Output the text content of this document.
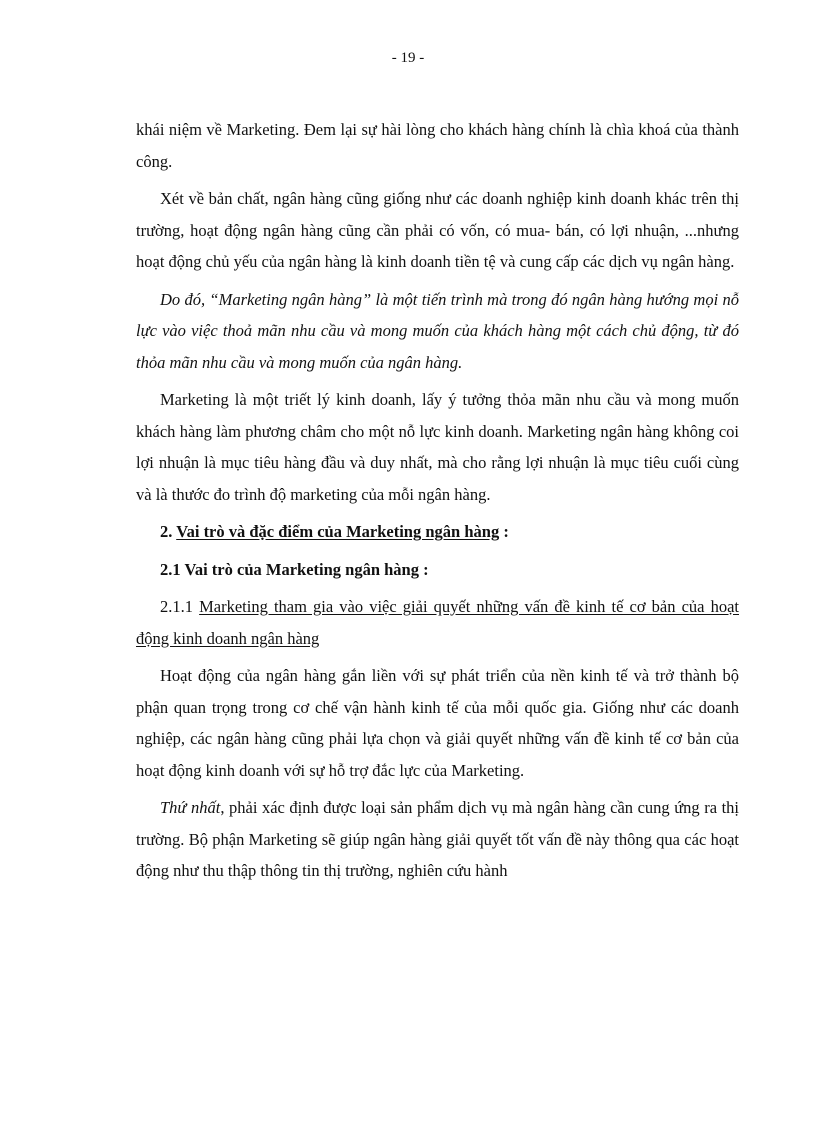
- 19 -

khái niệm về Marketing. Đem lại sự hài lòng cho khách hàng chính là chìa khoá của thành công.

Xét về bản chất, ngân hàng cũng giống như các doanh nghiệp kinh doanh khác trên thị trường, hoạt động ngân hàng cũng cần phải có vốn, có mua- bán, có lợi nhuận, ...nhưng hoạt động chủ yếu của ngân hàng là kinh doanh tiền tệ và cung cấp các dịch vụ ngân hàng.

Do đó, “Marketing ngân hàng” là một tiến trình mà trong đó ngân hàng hướng mọi nỗ lực vào việc thoả mãn nhu cầu và mong muốn của khách hàng một cách chủ động, từ đó thỏa mãn nhu cầu và mong muốn của ngân hàng.

Marketing là một triết lý kinh doanh, lấy ý tưởng thỏa mãn nhu cầu và mong muốn khách hàng làm phương châm cho một nỗ lực kinh doanh. Marketing ngân hàng không coi lợi nhuận là mục tiêu hàng đầu và duy nhất, mà cho rằng lợi nhuận là mục tiêu cuối cùng và là thước đo trình độ marketing của mỗi ngân hàng.

2. Vai trò và đặc điểm của Marketing ngân hàng :

2.1 Vai trò của Marketing ngân hàng :

2.1.1 Marketing tham gia vào việc giải quyết những vấn đề kinh tế cơ bản của hoạt động kinh doanh ngân hàng

Hoạt động của ngân hàng gắn liền với sự phát triển của nền kinh tế và trở thành bộ phận quan trọng trong cơ chế vận hành kinh tế của mỗi quốc gia. Giống như các doanh nghiệp, các ngân hàng cũng phải lựa chọn và giải quyết những vấn đề kinh tế cơ bản của hoạt động kinh doanh với sự hỗ trợ đắc lực của Marketing.

Thứ nhất, phải xác định được loại sản phẩm dịch vụ mà ngân hàng cần cung ứng ra thị trường. Bộ phận Marketing sẽ giúp ngân hàng giải quyết tốt vấn đề này thông qua các hoạt động như thu thập thông tin thị trường, nghiên cứu hành
